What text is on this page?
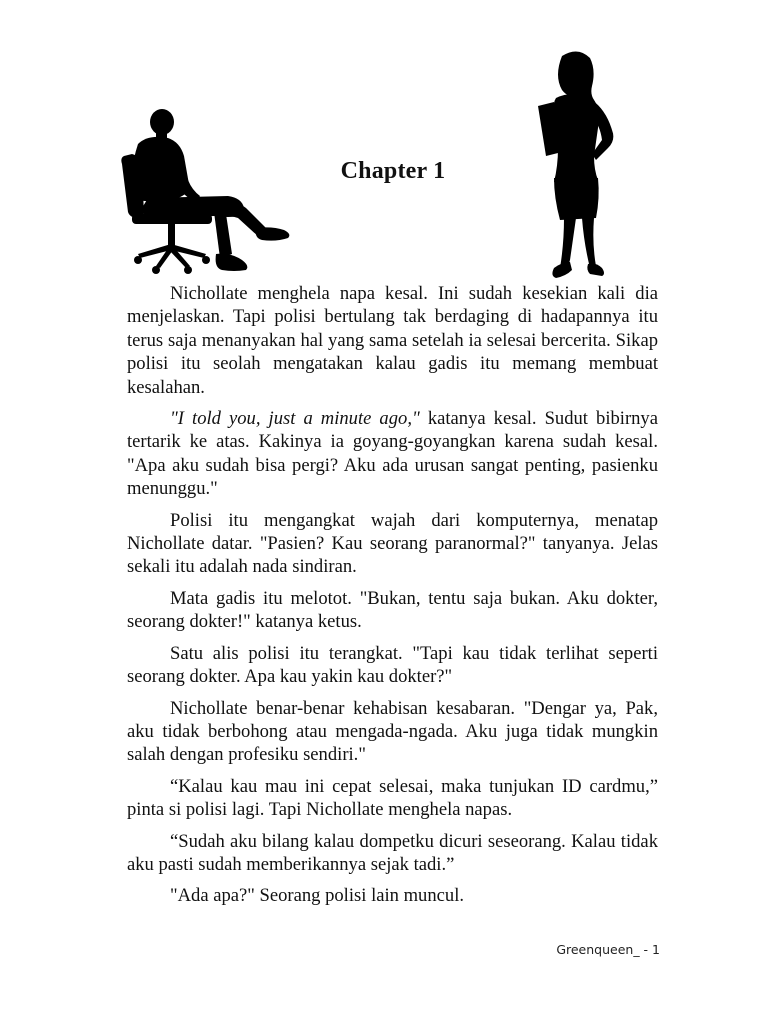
Chapter 1

Nichollate menghela napa kesal. Ini sudah kesekian kali dia menjelaskan. Tapi polisi bertulang tak berdaging di hadapannya itu terus saja menanyakan hal yang sama setelah ia selesai bercerita. Sikap polisi itu seolah mengatakan kalau gadis itu memang membuat kesalahan.

"I told you, just a minute ago," katanya kesal. Sudut bibirnya tertarik ke atas. Kakinya ia goyang-goyangkan karena sudah kesal. "Apa aku sudah bisa pergi? Aku ada urusan sangat penting, pasienku menunggu."

Polisi itu mengangkat wajah dari komputernya, menatap Nichollate datar. "Pasien? Kau seorang paranormal?" tanyanya. Jelas sekali itu adalah nada sindiran.

Mata gadis itu melotot. "Bukan, tentu saja bukan. Aku dokter, seorang dokter!" katanya ketus.

Satu alis polisi itu terangkat. "Tapi kau tidak terlihat seperti seorang dokter. Apa kau yakin kau dokter?"

Nichollate benar-benar kehabisan kesabaran. "Dengar ya, Pak, aku tidak berbohong atau mengada-ngada. Aku juga tidak mungkin salah dengan profesiku sendiri."

“Kalau kau mau ini cepat selesai, maka tunjukan ID cardmu,” pinta si polisi lagi. Tapi Nichollate menghela napas.

“Sudah aku bilang kalau dompetku dicuri seseorang. Kalau tidak aku pasti sudah memberikannya sejak tadi.”

"Ada apa?" Seorang polisi lain muncul.

Greenqueen_ - 1
